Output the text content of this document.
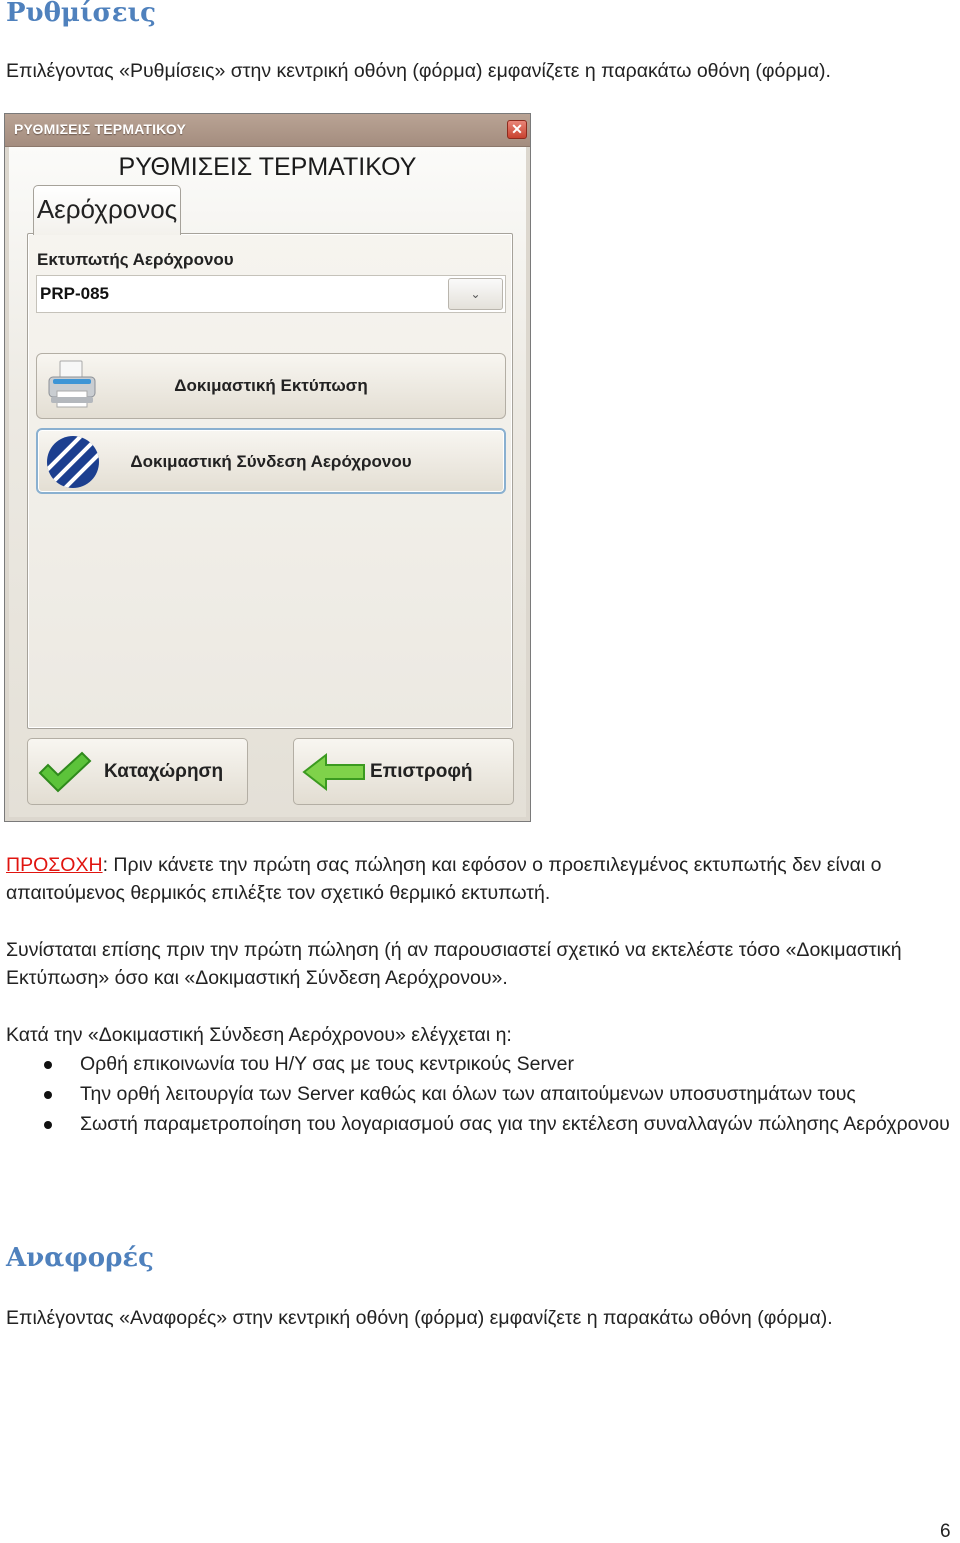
Ρυθμίσεις

Επιλέγοντας «Ρυθμίσεις» στην κεντρική οθόνη (φόρμα) εμφανίζετε η παρακάτω οθόνη (φόρμα).

ΡΥΘΜΙΣΕΙΣ ΤΕΡΜΑΤΙΚΟΥ	✕
ΡΥΘΜΙΣΕΙΣ ΤΕΡΜΑΤΙΚΟΥ
Αερόχρονος
Εκτυπωτής Αερόχρονου
PRP-085	⌄
Δοκιμαστική Εκτύπωση
Δοκιμαστική Σύνδεση Αερόχρονου
Καταχώρηση	Επιστροφή

ΠΡΟΣΟΧΗ: Πριν κάνετε την πρώτη σας πώληση και εφόσον ο προεπιλεγμένος εκτυπωτής δεν είναι ο απαιτούμενος θερμικός επιλέξτε τον σχετικό θερμικό εκτυπωτή.

Συνίσταται επίσης πριν την πρώτη πώληση (ή αν παρουσιαστεί σχετικό να εκτελέστε τόσο «Δοκιμαστική Εκτύπωση» όσο και «Δοκιμαστική Σύνδεση Αερόχρονου».

Κατά την «Δοκιμαστική Σύνδεση Αερόχρονου» ελέγχεται η:

Ορθή επικοινωνία του Η/Υ σας με τους κεντρικούς Server
Την ορθή λειτουργία των Server καθώς και όλων των απαιτούμενων υποσυστημάτων τους
Σωστή παραμετροποίηση του λογαριασμού σας για την εκτέλεση συναλλαγών πώλησης Αερόχρονου
Αναφορές

Επιλέγοντας «Αναφορές» στην κεντρική οθόνη (φόρμα) εμφανίζετε η παρακάτω οθόνη (φόρμα).

6
